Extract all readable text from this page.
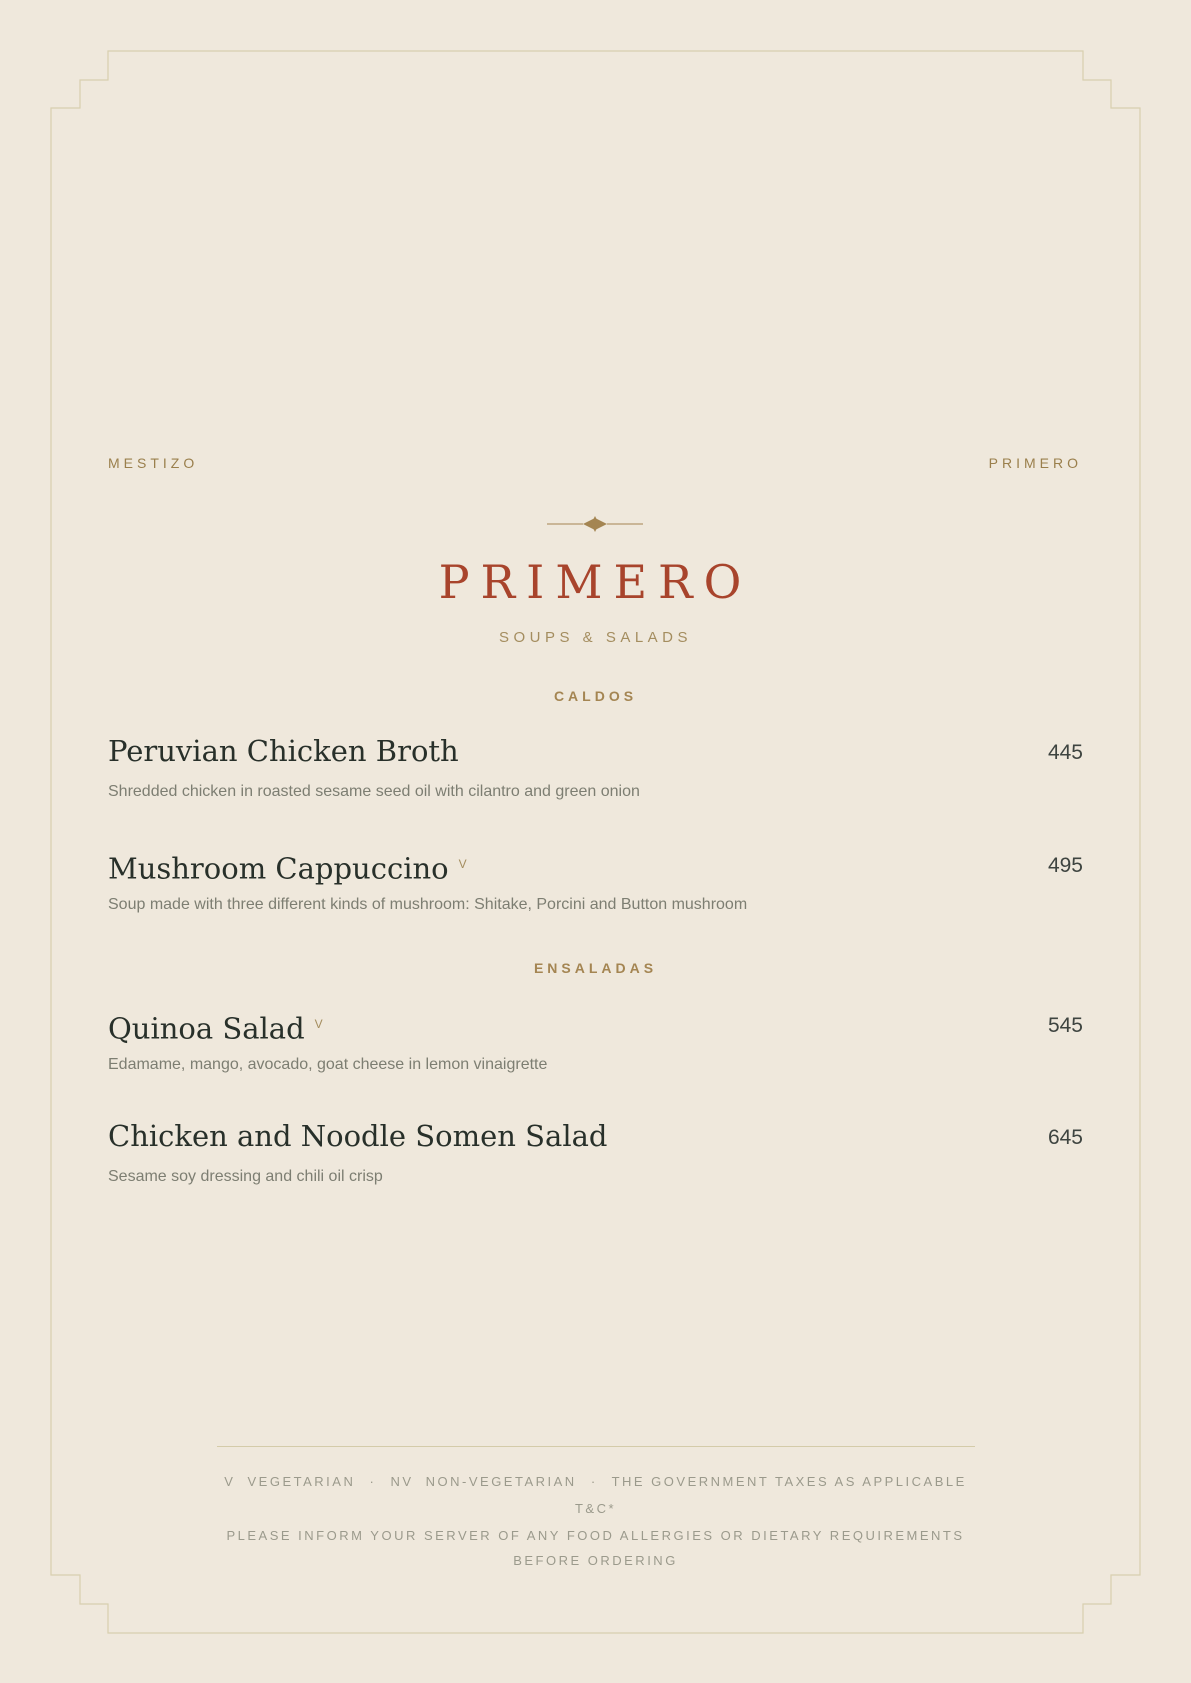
MESTIZO	PRIMERO
PRIMERO
SOUPS & SALADS
CALDOS
Peruvian Chicken Broth	445
Shredded chicken in roasted sesame seed oil with cilantro and green onion
Mushroom Cappuccino $^V$	495
Soup made with three different kinds of mushroom: Shitake, Porcini and Button mushroom
ENSALADAS
Quinoa Salad $^V$	545
Edamame, mango, avocado, goat cheese in lemon vinaigrette
Chicken and Noodle Somen Salad	645
Sesame soy dressing and chili oil crisp
V VEGETARIAN · NV NON-VEGETARIAN · THE GOVERNMENT TAXES AS APPLICABLE
T&C*
PLEASE INFORM YOUR SERVER OF ANY FOOD ALLERGIES OR DIETARY REQUIREMENTS
BEFORE ORDERING
